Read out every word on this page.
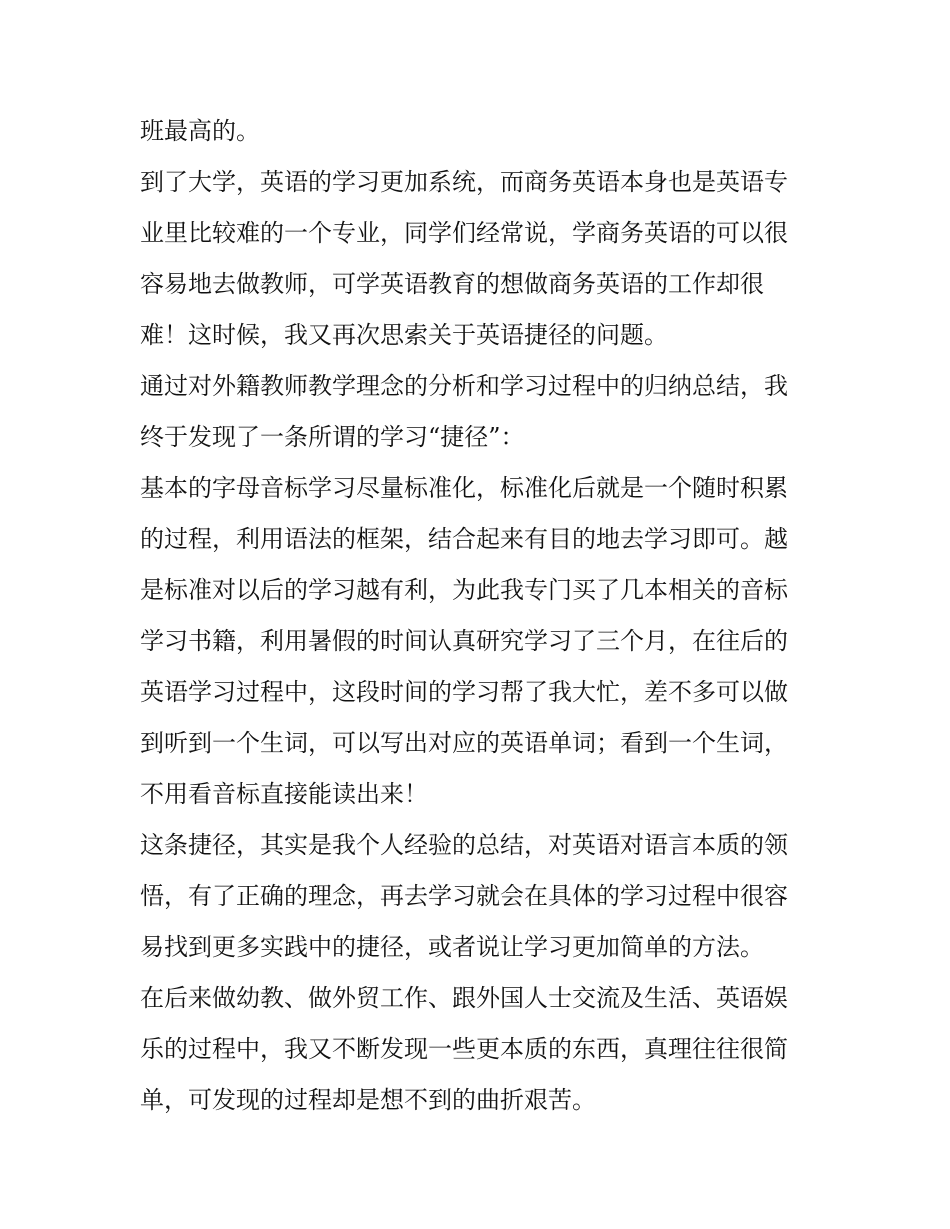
班最高的。
到了大学，英语的学习更加系统，而商务英语本身也是英语专
业里比较难的一个专业，同学们经常说，学商务英语的可以很
容易地去做教师，可学英语教育的想做商务英语的工作却很
难！这时候，我又再次思索关于英语捷径的问题。
通过对外籍教师教学理念的分析和学习过程中的归纳总结，我
终于发现了一条所谓的学习“捷径”：
基本的字母音标学习尽量标准化，标准化后就是一个随时积累
的过程，利用语法的框架，结合起来有目的地去学习即可。越
是标准对以后的学习越有利，为此我专门买了几本相关的音标
学习书籍，利用暑假的时间认真研究学习了三个月，在往后的
英语学习过程中，这段时间的学习帮了我大忙，差不多可以做
到听到一个生词，可以写出对应的英语单词；看到一个生词，
不用看音标直接能读出来！
这条捷径，其实是我个人经验的总结，对英语对语言本质的领
悟，有了正确的理念，再去学习就会在具体的学习过程中很容
易找到更多实践中的捷径，或者说让学习更加简单的方法。
在后来做幼教、做外贸工作、跟外国人士交流及生活、英语娱
乐的过程中，我又不断发现一些更本质的东西，真理往往很简
单，可发现的过程却是想不到的曲折艰苦。
